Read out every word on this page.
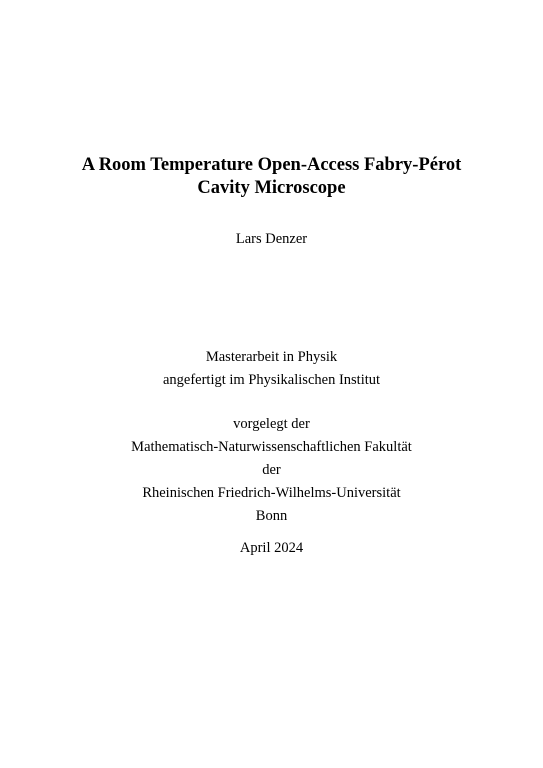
A Room Temperature Open-Access Fabry-Pérot
Cavity Microscope
Lars Denzer
Masterarbeit in Physik
angefertigt im Physikalischen Institut
vorgelegt der
Mathematisch-Naturwissenschaftlichen Fakultät
der
Rheinischen Friedrich-Wilhelms-Universität
Bonn
April 2024
